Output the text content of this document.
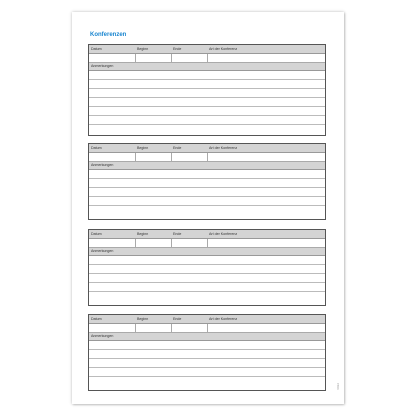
Konferenzen
Datum	Beginn	Ende	Art der Konferenz
Anmerkungen
Datum	Beginn	Ende	Art der Konferenz
Anmerkungen
Datum	Beginn	Ende	Art der Konferenz
Anmerkungen
Datum	Beginn	Ende	Art der Konferenz
Anmerkungen
6022
